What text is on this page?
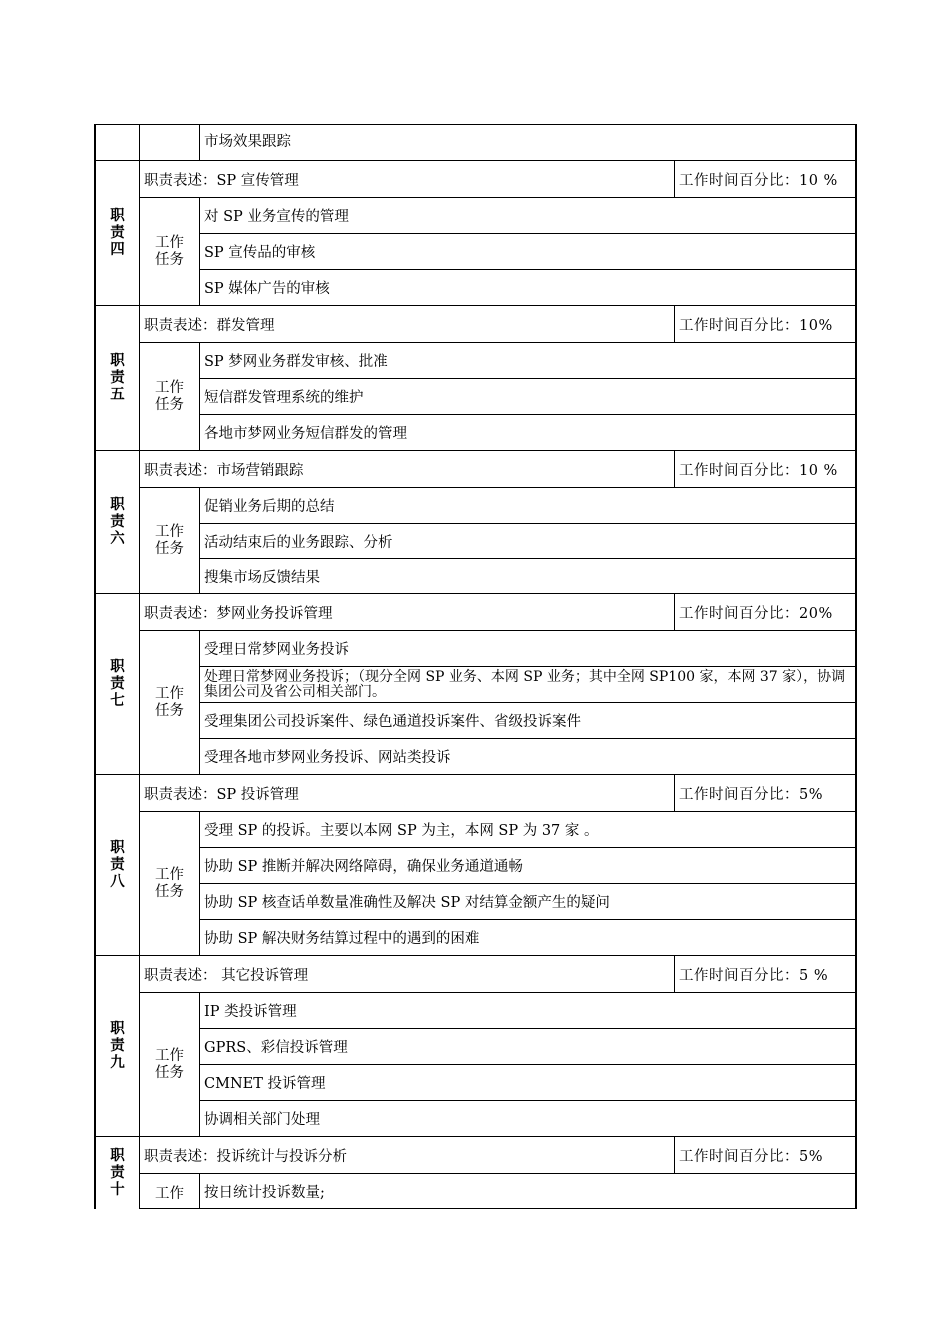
市场效果跟踪
职责四
职责表述：SP 宣传管理	工作时间百分比：10 %
工作任务
对 SP 业务宣传的管理
SP 宣传品的审核
SP 媒体广告的审核
职责五
职责表述：群发管理	工作时间百分比：10%
工作任务
SP 梦网业务群发审核、批准
短信群发管理系统的维护
各地市梦网业务短信群发的管理
职责六
职责表述：市场营销跟踪	工作时间百分比：10 %
工作任务
促销业务后期的总结
活动结束后的业务跟踪、分析
搜集市场反馈结果
职责七
职责表述：梦网业务投诉管理	工作时间百分比：20%
工作任务
受理日常梦网业务投诉
处理日常梦网业务投诉；（现分全网 SP 业务、本网 SP 业务；其中全网 SP100 家，本网 37 家），协调集团公司及省公司相关部门。
受理集团公司投诉案件、绿色通道投诉案件、省级投诉案件
受理各地市梦网业务投诉、网站类投诉
职责八
职责表述：SP 投诉管理	工作时间百分比：5%
工作任务
受理 SP 的投诉。主要以本网 SP 为主，本网 SP 为 37 家 。
协助 SP 推断并解决网络障碍，确保业务通道通畅
协助 SP 核查话单数量准确性及解决 SP 对结算金额产生的疑问
协助 SP 解决财务结算过程中的遇到的困难
职责九
职责表述： 其它投诉管理	工作时间百分比：5 %
工作任务
IP 类投诉管理
GPRS、彩信投诉管理
CMNET 投诉管理
协调相关部门处理
职责十
职责表述：投诉统计与投诉分析	工作时间百分比：5%
工作 按日统计投诉数量;
